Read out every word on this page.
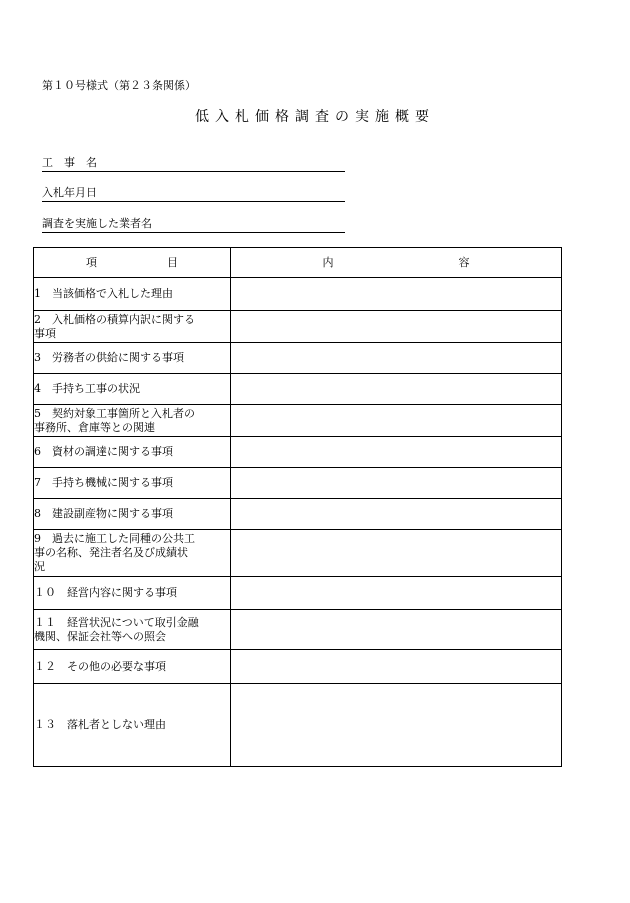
第１０号様式（第２３条関係）
低入札価格調査の実施概要
工　事　名
入札年月日
調査を実施した業者名
項 目	内 容

1　当該価格で入札した理由	

2　入札価格の積算内訳に関する
事項	

3　労務者の供給に関する事項	

4　手持ち工事の状況	

5　契約対象工事箇所と入札者の
事務所、倉庫等との関連	

6　資材の調達に関する事項	

7　手持ち機械に関する事項	

8　建設副産物に関する事項	

9　過去に施工した同種の公共工
事の名称、発注者名及び成績状
況	

１０　経営内容に関する事項	

１１　経営状況について取引金融
機関、保証会社等への照会	

１２　その他の必要な事項	

１３　落札者としない理由	
